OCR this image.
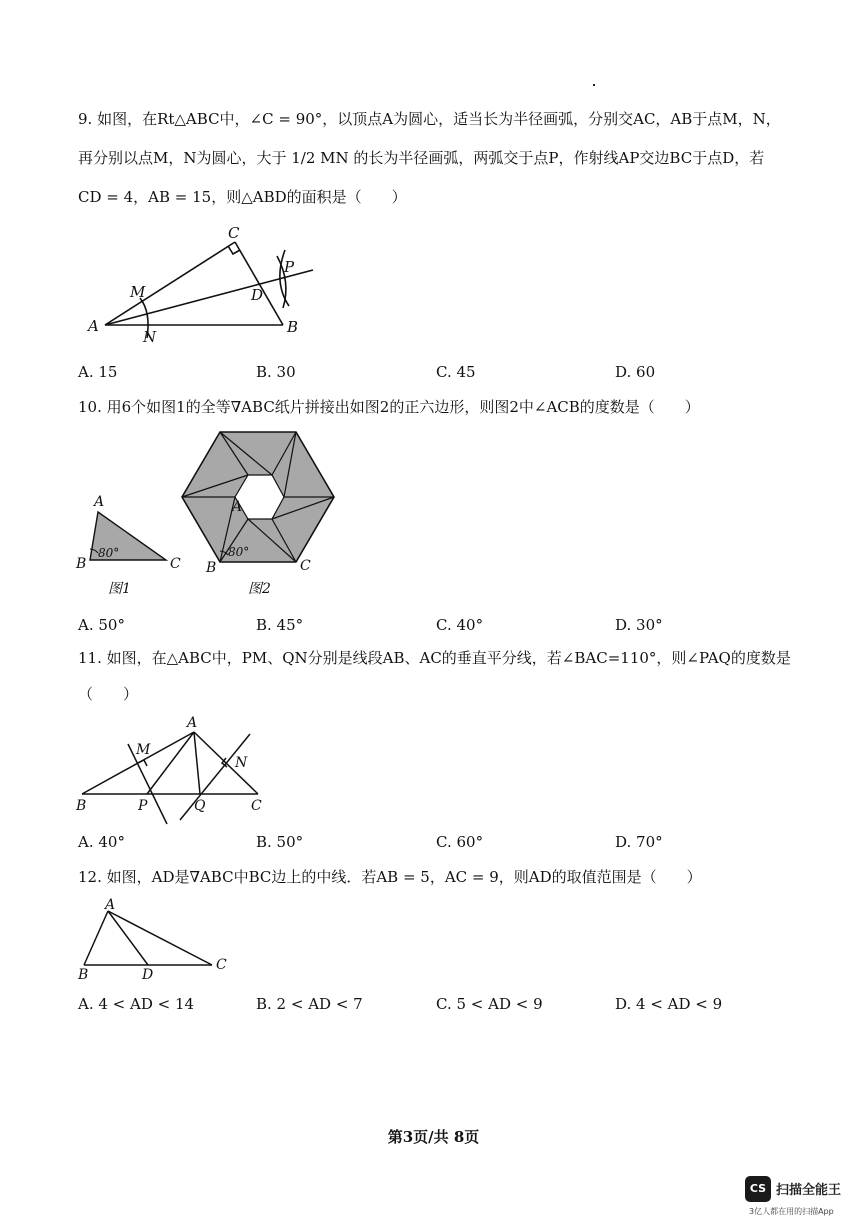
9. 如图，在Rt△ABC中，∠C = 90°，以顶点A为圆心，适当长为半径画弧，分别交AC，AB于点M，N，

再分别以点M，N为圆心，大于 1/2 MN 的长为半径画弧，两弧交于点P，作射线AP交边BC于点D，若

CD = 4，AB = 15，则△ABD的面积是（　　）

A	B
C
D
M
N
P
A. 15	B. 30	C. 45	D. 60

10. 用6个如图1的全等∇ABC纸片拼接出如图2的正六边形，则图2中∠ACB的度数是（　　）

A
B	C
80°
图1
A
B	C
80°
图2
A. 50°	B. 45°	C. 40°	D. 30°

11. 如图，在△ABC中，PM、QN分别是线段AB、AC的垂直平分线，若∠BAC=110°，则∠PAQ的度数是

（　　）

A
B	C
M
N
P	Q
A. 40°	B. 50°	C. 60°	D. 70°

12. 如图，AD是∇ABC中BC边上的中线．若AB = 5，AC = 9，则AD的取值范围是（　　）

A
B
C
D
A. 4 < AD < 14	B. 2 < AD < 7	C. 5 < AD < 9	D. 4 < AD < 9
第3页/共 8页
CS 扫描全能王
3亿人都在用的扫描App
